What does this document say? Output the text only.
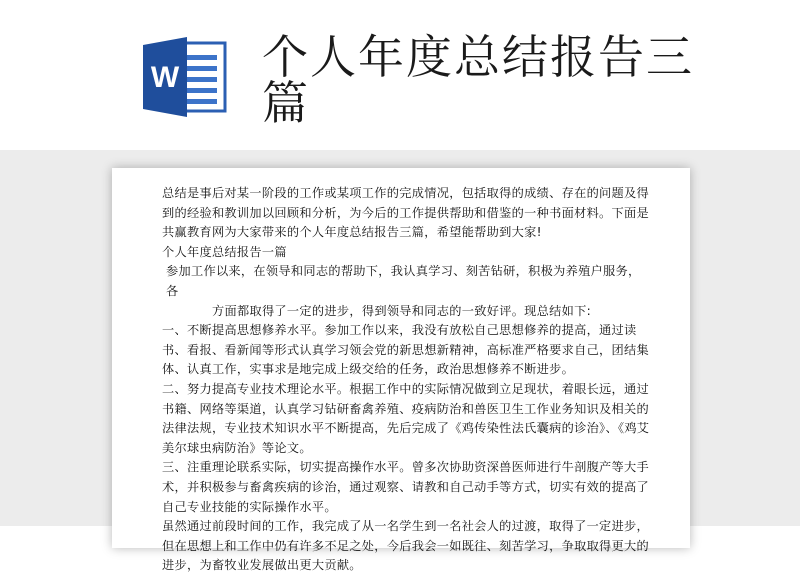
W 个人年度总结报告三
篇

总结是事后对某一阶段的工作或某项工作的完成情况，包括取得的成绩、存在的问题及得到的经验和教训加以回顾和分析，为今后的工作提供帮助和借鉴的一种书面材料。下面是共赢教育网为大家带来的个人年度总结报告三篇，希望能帮助到大家!

个人年度总结报告一篇

参加工作以来，在领导和同志的帮助下，我认真学习、刻苦钻研，积极为养殖户服务，各

方面都取得了一定的进步，得到领导和同志的一致好评。现总结如下:

一、不断提高思想修养水平。参加工作以来，我没有放松自己思想修养的提高，通过读书、看报、看新闻等形式认真学习领会党的新思想新精神，高标准严格要求自己，团结集体、认真工作，实事求是地完成上级交给的任务，政治思想修养不断进步。

二、努力提高专业技术理论水平。根据工作中的实际情况做到立足现状，着眼长远，通过书籍、网络等渠道，认真学习钻研畜禽养殖、疫病防治和兽医卫生工作业务知识及相关的法律法规，专业技术知识水平不断提高，先后完成了《鸡传染性法氏囊病的诊治》、《鸡艾美尔球虫病防治》等论文。

三、注重理论联系实际，切实提高操作水平。曾多次协助资深兽医师进行牛剖腹产等大手术，并积极参与畜禽疾病的诊治，通过观察、请教和自己动手等方式，切实有效的提高了自己专业技能的实际操作水平。

虽然通过前段时间的工作，我完成了从一名学生到一名社会人的过渡，取得了一定进步，但在思想上和工作中仍有许多不足之处，今后我会一如既往、刻苦学习，争取取得更大的进步，为畜牧业发展做出更大贡献。
